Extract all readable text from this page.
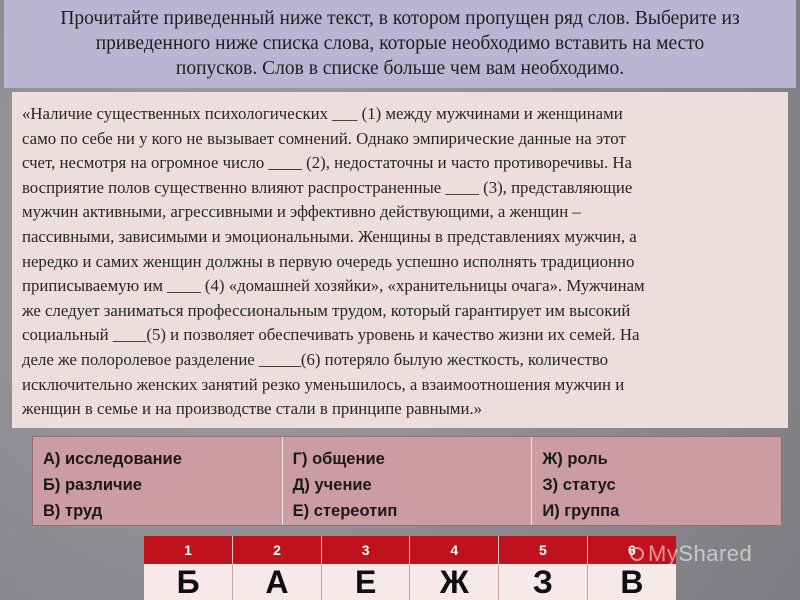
Прочитайте приведенный ниже текст, в котором пропущен ряд слов. Выберите из
приведенного ниже списка слова, которые необходимо вставить на место
попусков. Слов в списке больше чем вам необходимо.
«Наличие существенных психологических ___ (1) между мужчинами и женщинами
само по себе ни у кого не вызывает сомнений. Однако эмпирические данные на этот
счет, несмотря на огромное число ____ (2), недостаточны и часто противоречивы. На
восприятие полов существенно влияют распространенные ____ (3), представляющие
мужчин активными, агрессивными и эффективно действующими, а женщин –
пассивными, зависимыми и эмоциональными. Женщины в представлениях мужчин, а
нередко и самих женщин должны в первую очередь успешно исполнять традиционно
приписываемую им ____ (4) «домашней хозяйки», «хранительницы очага». Мужчинам
же следует заниматься профессиональным трудом, который гарантирует им высокий
социальный ____(5) и позволяет обеспечивать уровень и качество жизни их семей. На
деле же полоролевое разделение _____(6) потеряло былую жесткость, количество
исключительно женских занятий резко уменьшилось, а взаимоотношения мужчин и
женщин в семье и на производстве стали в принципе равными.»
А) исследование
Б) различие
В) труд
Г) общение
Д) учение
Е) стереотип
Ж) роль
З) статус
И) группа
1	2	3	4	5	6
Б	А	Е	Ж	З	В
MyShared
